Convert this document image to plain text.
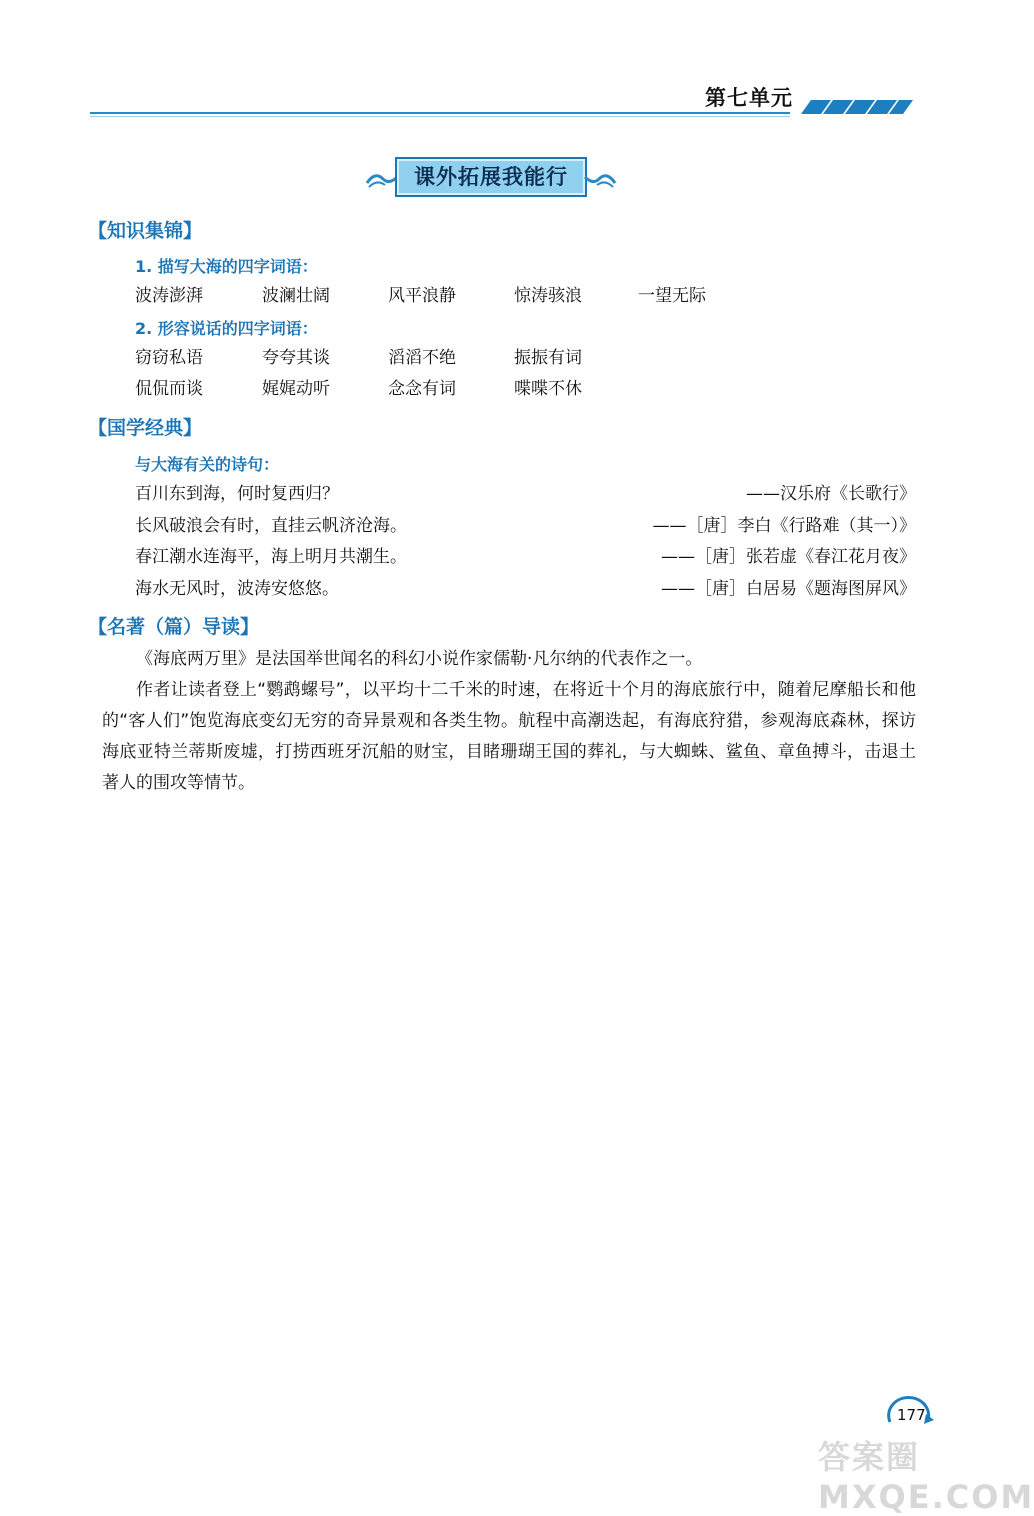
第七单元
课外拓展我能行
【知识集锦】
1. 描写大海的四字词语：
波涛澎湃	波澜壮阔	风平浪静	惊涛骇浪	一望无际
2. 形容说话的四字词语：
窃窃私语	夸夸其谈	滔滔不绝	振振有词
侃侃而谈	娓娓动听	念念有词	喋喋不休
【国学经典】
与大海有关的诗句：
百川东到海，何时复西归？	——汉乐府《长歌行》
长风破浪会有时，直挂云帆济沧海。	——［唐］李白《行路难（其一）》
春江潮水连海平，海上明月共潮生。	——［唐］张若虚《春江花月夜》
海水无风时，波涛安悠悠。	——［唐］白居易《题海图屏风》
【名著（篇）导读】
《海底两万里》是法国举世闻名的科幻小说作家儒勒·凡尔纳的代表作之一。
作者让读者登上“鹦鹉螺号”，以平均十二千米的时速，在将近十个月的海底旅行中，随着尼摩船长和他的“客人们”饱览海底变幻无穷的奇异景观和各类生物。航程中高潮迭起，有海底狩猎，参观海底森林，探访海底亚特兰蒂斯废墟，打捞西班牙沉船的财宝，目睹珊瑚王国的葬礼，与大蜘蛛、鲨鱼、章鱼搏斗，击退土著人的围攻等情节。
177
答案圈 MXQE.COM
